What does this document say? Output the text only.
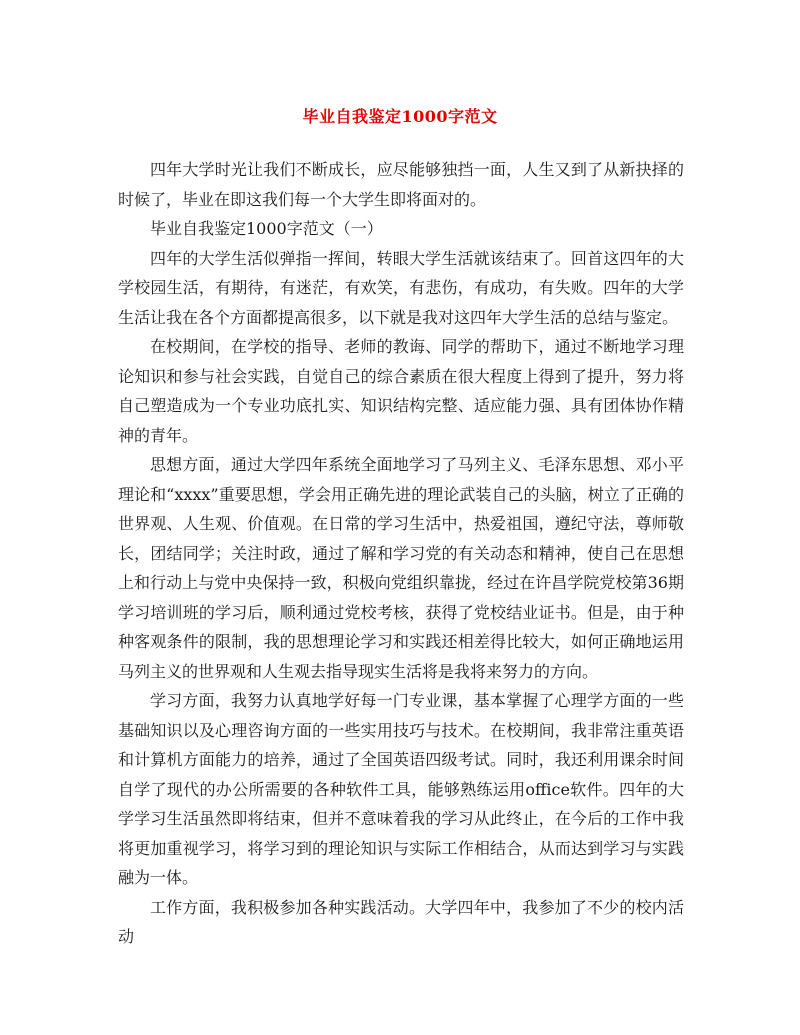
毕业自我鉴定1000字范文

四年大学时光让我们不断成长，应尽能够独挡一面，人生又到了从新抉择的时候了，毕业在即这我们每一个大学生即将面对的。

毕业自我鉴定1000字范文（一）

四年的大学生活似弹指一挥间，转眼大学生活就该结束了。回首这四年的大学校园生活，有期待，有迷茫，有欢笑，有悲伤，有成功，有失败。四年的大学生活让我在各个方面都提高很多，以下就是我对这四年大学生活的总结与鉴定。

在校期间，在学校的指导、老师的教诲、同学的帮助下，通过不断地学习理论知识和参与社会实践，自觉自己的综合素质在很大程度上得到了提升，努力将自己塑造成为一个专业功底扎实、知识结构完整、适应能力强、具有团体协作精神的青年。

思想方面，通过大学四年系统全面地学习了马列主义、毛泽东思想、邓小平理论和“xxxx”重要思想，学会用正确先进的理论武装自己的头脑，树立了正确的世界观、人生观、价值观。在日常的学习生活中，热爱祖国，遵纪守法，尊师敬长，团结同学；关注时政，通过了解和学习党的有关动态和精神，使自己在思想上和行动上与党中央保持一致，积极向党组织靠拢，经过在许昌学院党校第36期学习培训班的学习后，顺利通过党校考核，获得了党校结业证书。但是，由于种种客观条件的限制，我的思想理论学习和实践还相差得比较大，如何正确地运用马列主义的世界观和人生观去指导现实生活将是我将来努力的方向。

学习方面，我努力认真地学好每一门专业课，基本掌握了心理学方面的一些基础知识以及心理咨询方面的一些实用技巧与技术。在校期间，我非常注重英语和计算机方面能力的培养，通过了全国英语四级考试。同时，我还利用课余时间自学了现代的办公所需要的各种软件工具，能够熟练运用office软件。四年的大学学习生活虽然即将结束，但并不意味着我的学习从此终止，在今后的工作中我将更加重视学习，将学习到的理论知识与实际工作相结合，从而达到学习与实践融为一体。

工作方面，我积极参加各种实践活动。大学四年中，我参加了不少的校内活动
